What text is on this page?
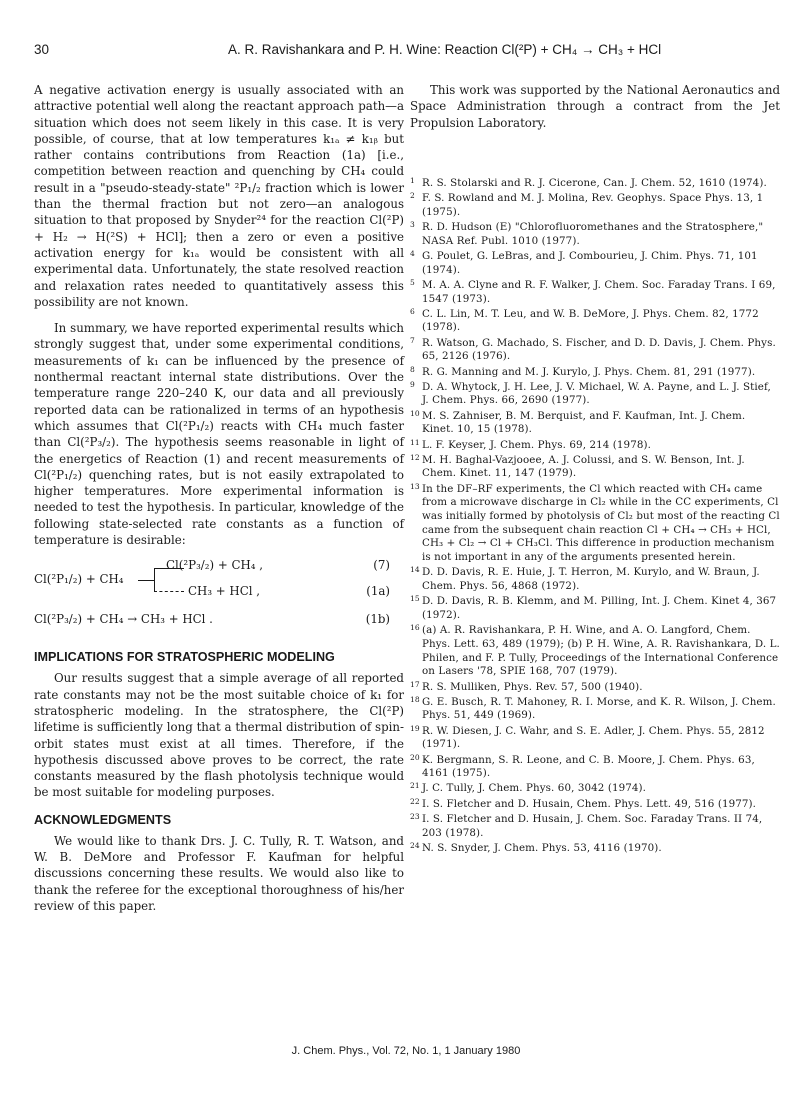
30	A. R. Ravishankara and P. H. Wine: Reaction Cl(²P) + CH₄ → CH₃ + HCl

A negative activation energy is usually associated with an attractive potential well along the reactant approach path—a situation which does not seem likely in this case. It is very possible, of course, that at low temperatures k₁ₐ ≠ k₁ᵦ but rather contains contributions from Reaction (1a) [i.e., competition between reaction and quenching by CH₄ could result in a "pseudo-steady-state" ²P₁/₂ fraction which is lower than the thermal fraction but not zero—an analogous situation to that proposed by Snyder²⁴ for the reaction Cl(²P) + H₂ → H(²S) + HCl]; then a zero or even a positive activation energy for k₁ₐ would be consistent with all experimental data. Unfortunately, the state resolved reaction and relaxation rates needed to quantitatively assess this possibility are not known.

In summary, we have reported experimental results which strongly suggest that, under some experimental conditions, measurements of k₁ can be influenced by the presence of nonthermal reactant internal state distributions. Over the temperature range 220–240 K, our data and all previously reported data can be rationalized in terms of an hypothesis which assumes that Cl(²P₁/₂) reacts with CH₄ much faster than Cl(²P₃/₂). The hypothesis seems reasonable in light of the energetics of Reaction (1) and recent measurements of Cl(²P₁/₂) quenching rates, but is not easily extrapolated to higher temperatures. More experimental information is needed to test the hypothesis. In particular, knowledge of the following state-selected rate constants as a function of temperature is desirable:

Cl(²P₃/₂) + CH₄ ,	(7)
Cl(²P₁/₂) + CH₄
CH₃ + HCl ,	(1a)
Cl(²P₃/₂) + CH₄ → CH₃ + HCl .	(1b)
IMPLICATIONS FOR STRATOSPHERIC MODELING

Our results suggest that a simple average of all reported rate constants may not be the most suitable choice of k₁ for stratospheric modeling. In the stratosphere, the Cl(²P) lifetime is sufficiently long that a thermal distribution of spin-orbit states must exist at all times. Therefore, if the hypothesis discussed above proves to be correct, the rate constants measured by the flash photolysis technique would be most suitable for modeling purposes.

ACKNOWLEDGMENTS

We would like to thank Drs. J. C. Tully, R. T. Watson, and W. B. DeMore and Professor F. Kaufman for helpful discussions concerning these results. We would also like to thank the referee for the exceptional thoroughness of his/her review of this paper.

This work was supported by the National Aeronautics and Space Administration through a contract from the Jet Propulsion Laboratory.

1 R. S. Stolarski and R. J. Cicerone, Can. J. Chem. 52, 1610 (1974).
2 F. S. Rowland and M. J. Molina, Rev. Geophys. Space Phys. 13, 1 (1975).
3 R. D. Hudson (E) "Chlorofluoromethanes and the Stratosphere," NASA Ref. Publ. 1010 (1977).
4 G. Poulet, G. LeBras, and J. Combourieu, J. Chim. Phys. 71, 101 (1974).
5 M. A. A. Clyne and R. F. Walker, J. Chem. Soc. Faraday Trans. I 69, 1547 (1973).
6 C. L. Lin, M. T. Leu, and W. B. DeMore, J. Phys. Chem. 82, 1772 (1978).
7 R. Watson, G. Machado, S. Fischer, and D. D. Davis, J. Chem. Phys. 65, 2126 (1976).
8 R. G. Manning and M. J. Kurylo, J. Phys. Chem. 81, 291 (1977).
9 D. A. Whytock, J. H. Lee, J. V. Michael, W. A. Payne, and L. J. Stief, J. Chem. Phys. 66, 2690 (1977).
10 M. S. Zahniser, B. M. Berquist, and F. Kaufman, Int. J. Chem. Kinet. 10, 15 (1978).
11 L. F. Keyser, J. Chem. Phys. 69, 214 (1978).
12 M. H. Baghal-Vazjooee, A. J. Colussi, and S. W. Benson, Int. J. Chem. Kinet. 11, 147 (1979).
13 In the DF–RF experiments, the Cl which reacted with CH₄ came from a microwave discharge in Cl₂ while in the CC experiments, Cl was initially formed by photolysis of Cl₂ but most of the reacting Cl came from the subsequent chain reaction Cl + CH₄ → CH₃ + HCl, CH₃ + Cl₂ → Cl + CH₃Cl. This difference in production mechanism is not important in any of the arguments presented herein.
14 D. D. Davis, R. E. Huie, J. T. Herron, M. Kurylo, and W. Braun, J. Chem. Phys. 56, 4868 (1972).
15 D. D. Davis, R. B. Klemm, and M. Pilling, Int. J. Chem. Kinet 4, 367 (1972).
16 (a) A. R. Ravishankara, P. H. Wine, and A. O. Langford, Chem. Phys. Lett. 63, 489 (1979); (b) P. H. Wine, A. R. Ravishankara, D. L. Philen, and F. P. Tully, Proceedings of the International Conference on Lasers '78, SPIE 168, 707 (1979).
17 R. S. Mulliken, Phys. Rev. 57, 500 (1940).
18 G. E. Busch, R. T. Mahoney, R. I. Morse, and K. R. Wilson, J. Chem. Phys. 51, 449 (1969).
19 R. W. Diesen, J. C. Wahr, and S. E. Adler, J. Chem. Phys. 55, 2812 (1971).
20 K. Bergmann, S. R. Leone, and C. B. Moore, J. Chem. Phys. 63, 4161 (1975).
21 J. C. Tully, J. Chem. Phys. 60, 3042 (1974).
22 I. S. Fletcher and D. Husain, Chem. Phys. Lett. 49, 516 (1977).
23 I. S. Fletcher and D. Husain, J. Chem. Soc. Faraday Trans. II 74, 203 (1978).
24 N. S. Snyder, J. Chem. Phys. 53, 4116 (1970).
J. Chem. Phys., Vol. 72, No. 1, 1 January 1980
